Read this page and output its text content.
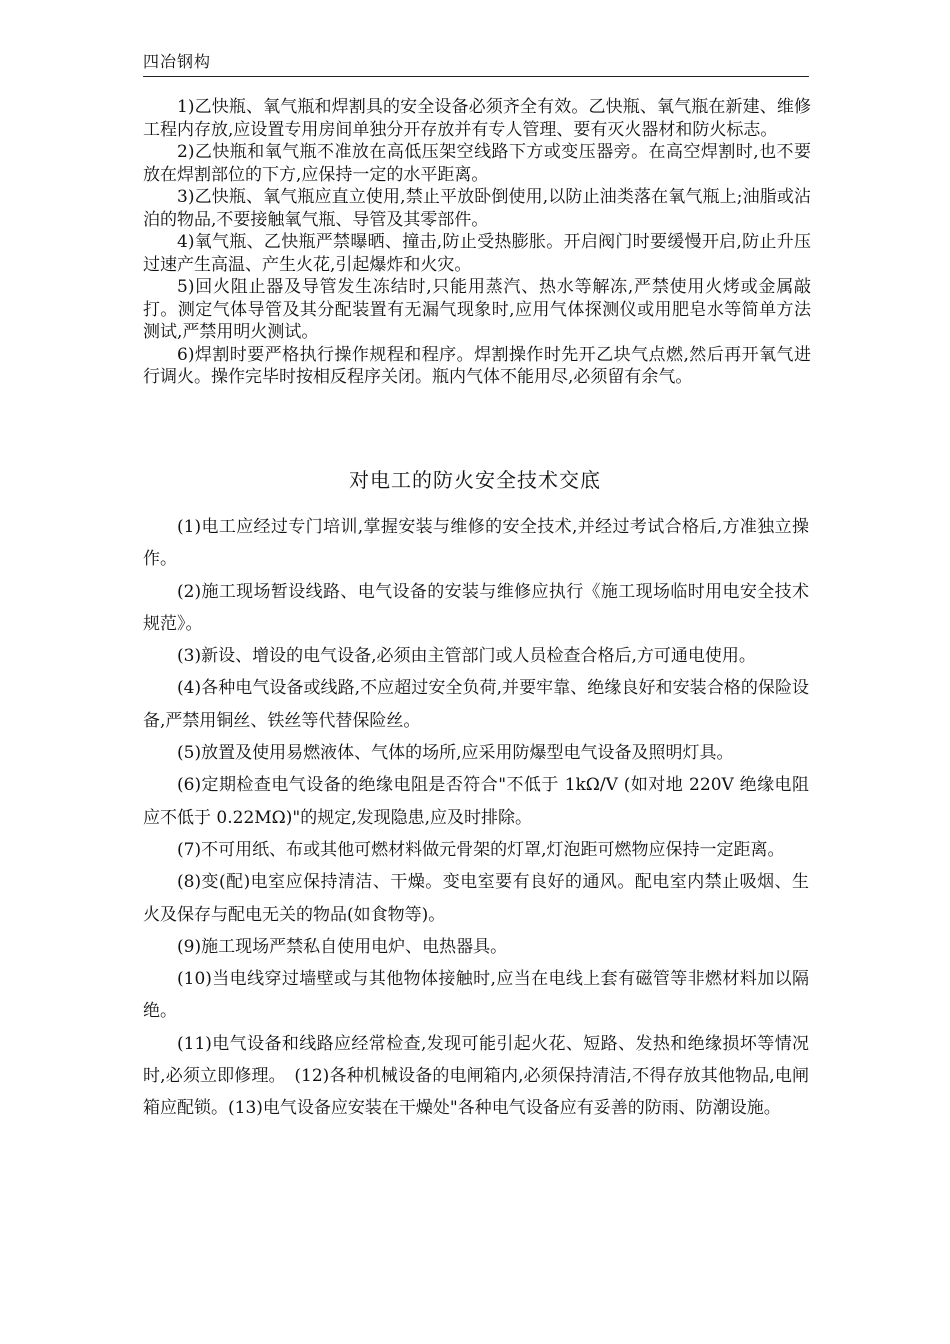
四冶钢构

1)乙快瓶、氧气瓶和焊割具的安全设备必须齐全有效。乙快瓶、氧气瓶在新建、维修工程内存放,应设置专用房间单独分开存放并有专人管理、要有灭火器材和防火标志。

2)乙快瓶和氧气瓶不准放在高低压架空线路下方或变压器旁。在高空焊割时,也不要放在焊割部位的下方,应保持一定的水平距离。

3)乙快瓶、氧气瓶应直立使用,禁止平放卧倒使用,以防止油类落在氧气瓶上;油脂或沾泊的物品,不要接触氧气瓶、导管及其零部件。

4)氧气瓶、乙快瓶严禁曝晒、撞击,防止受热膨胀。开启阀门时要缓慢开启,防止升压过速产生高温、产生火花,引起爆炸和火灾。

5)回火阻止器及导管发生冻结时,只能用蒸汽、热水等解冻,严禁使用火烤或金属敲打。测定气体导管及其分配装置有无漏气现象时,应用气体探测仪或用肥皂水等简单方法测试,严禁用明火测试。

6)焊割时要严格执行操作规程和程序。焊割操作时先开乙块气点燃,然后再开氧气进行调火。操作完毕时按相反程序关闭。瓶内气体不能用尽,必须留有余气。

对电工的防火安全技术交底

(1)电工应经过专门培训,掌握安装与维修的安全技术,并经过考试合格后,方准独立操作。

(2)施工现场暂设线路、电气设备的安装与维修应执行《施工现场临时用电安全技术规范》。

(3)新设、增设的电气设备,必须由主管部门或人员检查合格后,方可通电使用。

(4)各种电气设备或线路,不应超过安全负荷,并要牢靠、绝缘良好和安装合格的保险设备,严禁用铜丝、铁丝等代替保险丝。

(5)放置及使用易燃液体、气体的场所,应采用防爆型电气设备及照明灯具。

(6)定期检查电气设备的绝缘电阻是否符合"不低于 1kΩ/V (如对地 220V 绝缘电阻应不低于 0.22MΩ)"的规定,发现隐患,应及时排除。

(7)不可用纸、布或其他可燃材料做元骨架的灯罩,灯泡距可燃物应保持一定距离。

(8)变(配)电室应保持清洁、干燥。变电室要有良好的通风。配电室内禁止吸烟、生火及保存与配电无关的物品(如食物等)。

(9)施工现场严禁私自使用电炉、电热器具。

(10)当电线穿过墙壁或与其他物体接触时,应当在电线上套有磁管等非燃材料加以隔绝。

(11)电气设备和线路应经常检查,发现可能引起火花、短路、发热和绝缘损坏等情况时,必须立即修理。　(12)各种机械设备的电闸箱内,必须保持清洁,不得存放其他物品,电闸箱应配锁。(13)电气设备应安装在干燥处"各种电气设备应有妥善的防雨、防潮设施。
